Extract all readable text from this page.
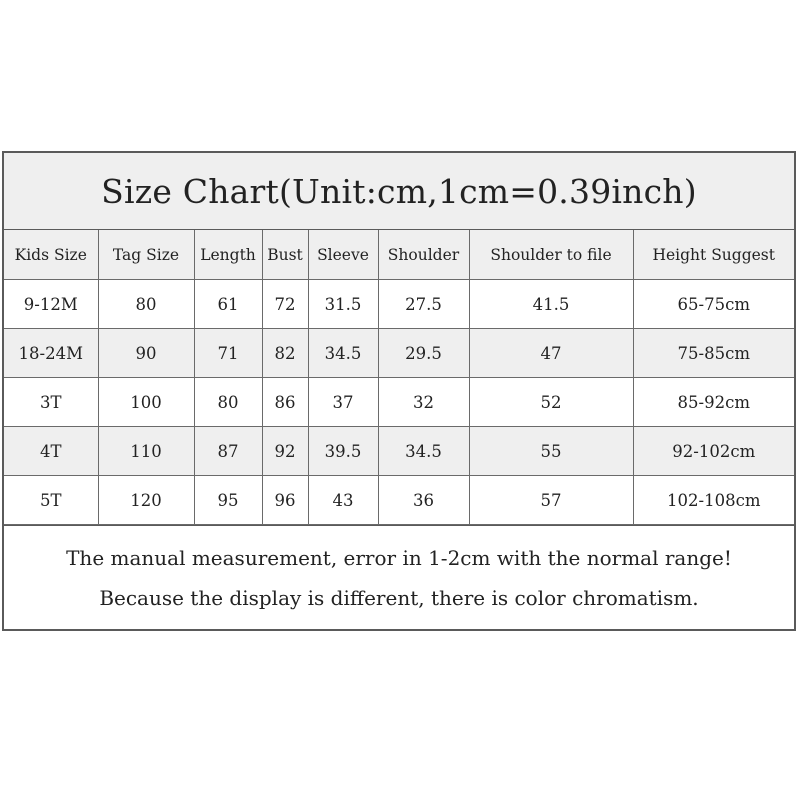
Size Chart(Unit:cm,1cm=0.39inch)
Kids Size	Tag Size	Length	Bust	Sleeve	Shoulder	Shoulder to file	Height Suggest
9-12M	80	61	72	31.5	27.5	41.5	65-75cm
18-24M	90	71	82	34.5	29.5	47	75-85cm
3T	100	80	86	37	32	52	85-92cm
4T	110	87	92	39.5	34.5	55	92-102cm
5T	120	95	96	43	36	57	102-108cm
The manual measurement, error in 1-2cm with the normal range!
Because the display is different, there is color chromatism.
